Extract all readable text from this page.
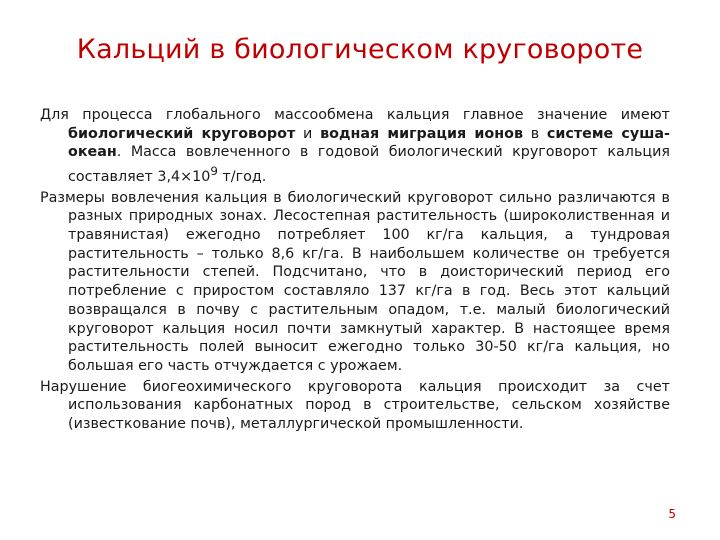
Кальций в биологическом круговороте

Для процесса глобального массообмена кальция главное значение имеют биологический круговорот и водная миграция ионов в системе суша-океан. Масса вовлеченного в годовой биологический круговорот кальция составляет $3,4\times 10^9$ т/год.

Размеры вовлечения кальция в биологический круговорот сильно различаются в разных природных зонах. Лесостепная растительность (широколиственная и травянистая) ежегодно потребляет 100 кг/га кальция, а тундровая растительность – только 8,6 кг/га. В наибольшем количестве он требуется растительности степей. Подсчитано, что в доисторический период его потребление с приростом составляло 137 кг/га в год. Весь этот кальций возвращался в почву с растительным опадом, т.е. малый биологический круговорот кальция носил почти замкнутый характер. В настоящее время растительность полей выносит ежегодно только 30-50 кг/га кальция, но большая его часть отчуждается с урожаем.

Нарушение биогеохимического круговорота кальция происходит за счет использования карбонатных пород в строительстве, сельском хозяйстве (известкование почв), металлургической промышленности.

5
